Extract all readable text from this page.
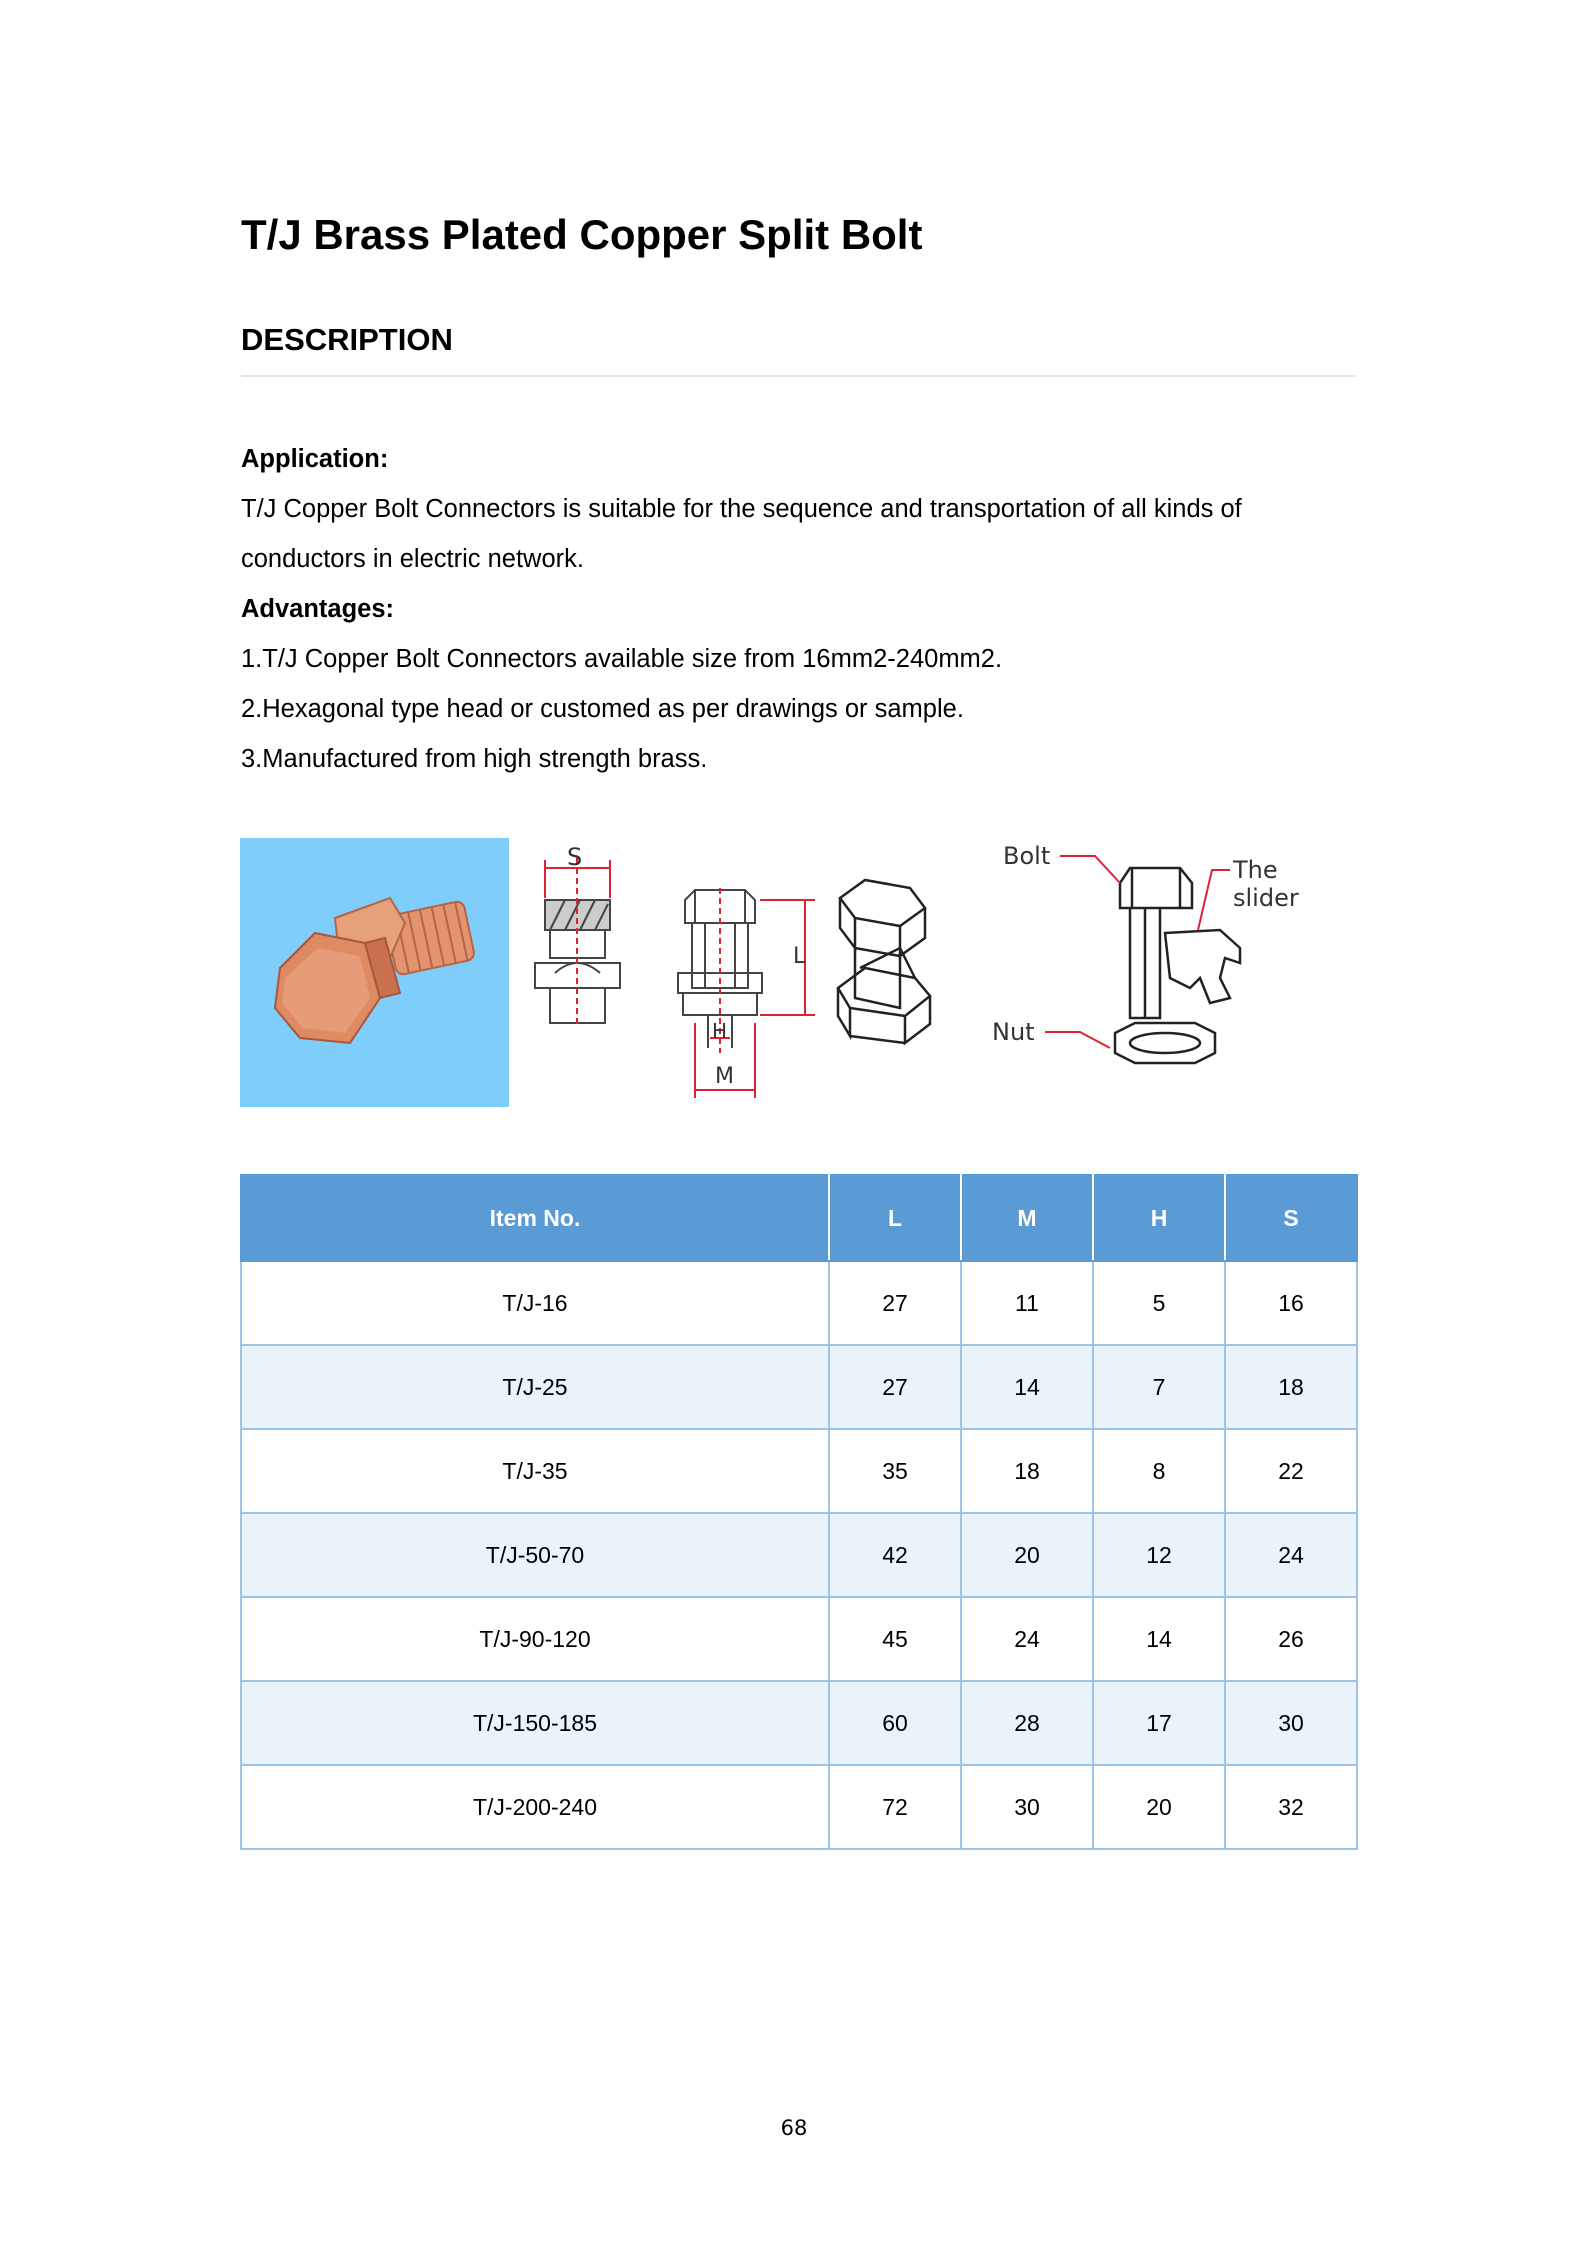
T/J Brass Plated Copper Split Bolt
DESCRIPTION

Application:

T/J Copper Bolt Connectors is suitable for the sequence and transportation of all kinds of conductors in electric network.

Advantages:

1.T/J Copper Bolt Connectors available size from 16mm2-240mm2.

2.Hexagonal type head or customed as per drawings or sample.

3.Manufactured from high strength brass.

S
L
H
M
Bolt	The
slider
Nut
Item No.	L	M	H	S
T/J-16	27	11	5	16
T/J-25	27	14	7	18
T/J-35	35	18	8	22
T/J-50-70	42	20	12	24
T/J-90-120	45	24	14	26
T/J-150-185	60	28	17	30
T/J-200-240	72	30	20	32
68
